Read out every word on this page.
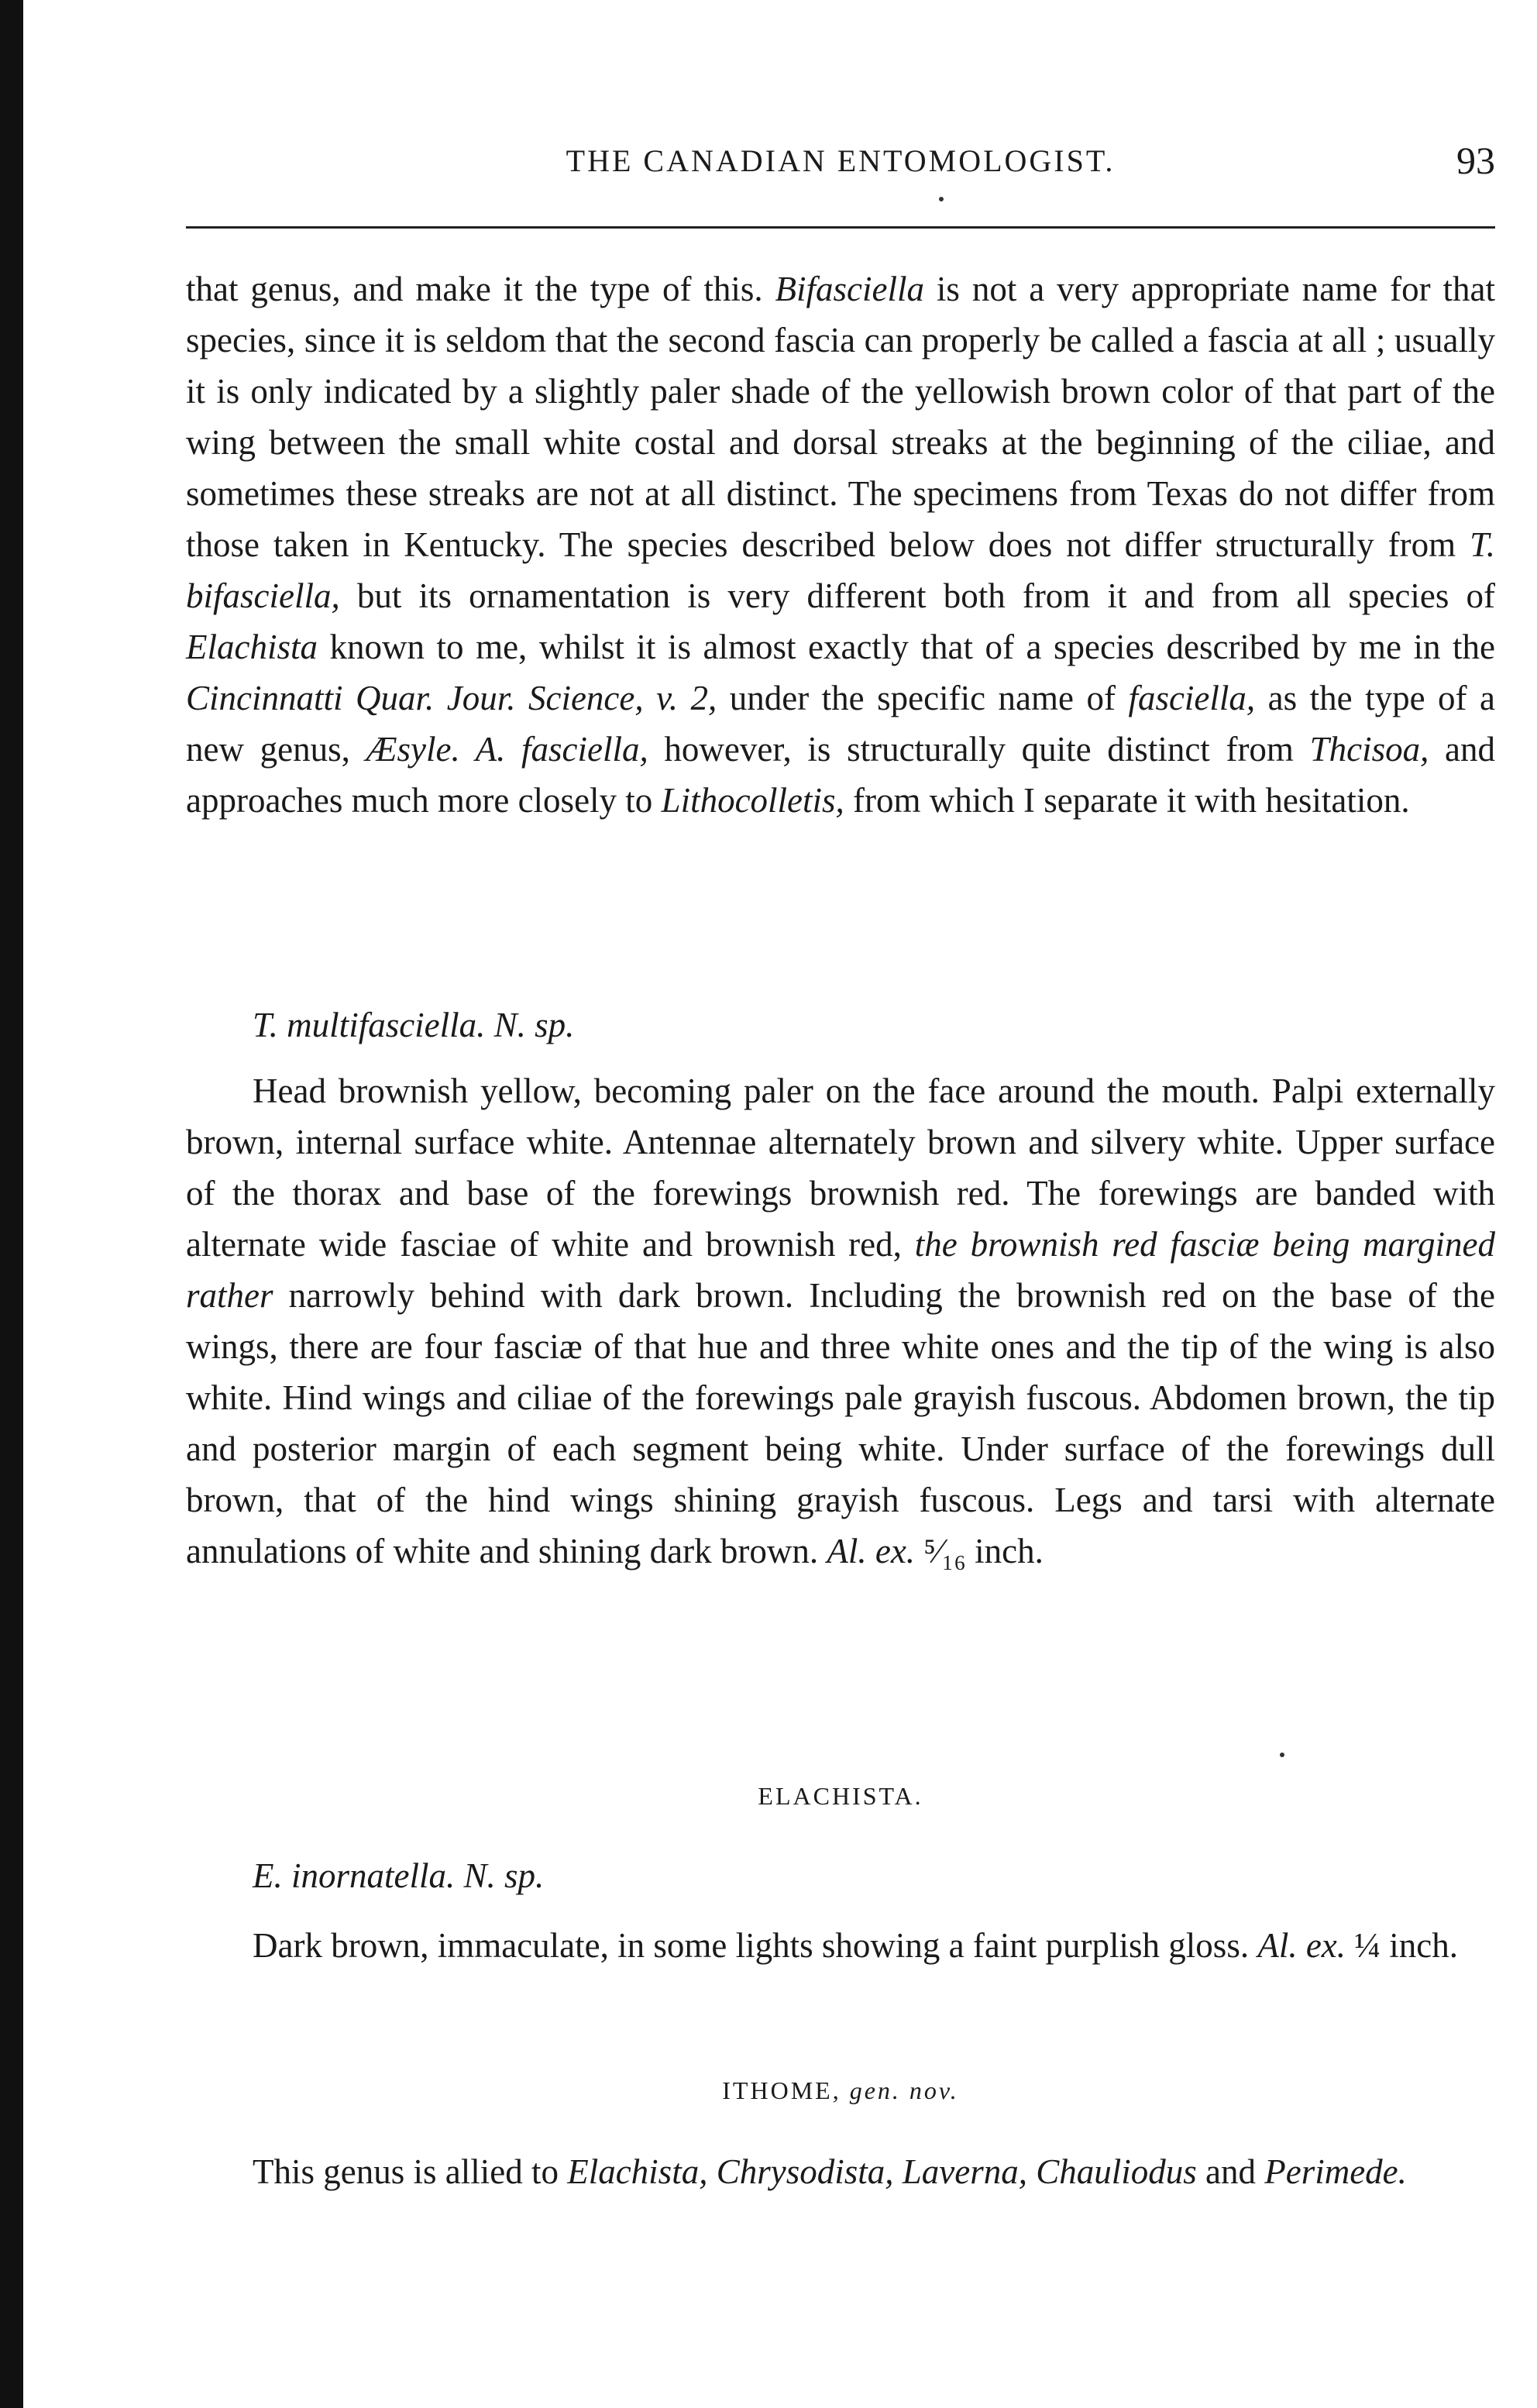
THE CANADIAN ENTOMOLOGIST.	93

that genus, and make it the type of this. Bifasciella is not a very appropriate name for that species, since it is seldom that the second fascia can properly be called a fascia at all ; usually it is only indicated by a slightly paler shade of the yellowish brown color of that part of the wing between the small white costal and dorsal streaks at the beginning of the ciliae, and sometimes these streaks are not at all distinct. The specimens from Texas do not differ from those taken in Kentucky. The species described below does not differ structurally from T. bifasciella, but its ornamentation is very different both from it and from all species of Elachista known to me, whilst it is almost exactly that of a species described by me in the Cincinnatti Quar. Jour. Science, v. 2, under the specific name of fasciella, as the type of a new genus, Æsyle. A. fasciella, however, is structurally quite distinct from Thcisoa, and approaches much more closely to Lithocolletis, from which I separate it with hesitation.

T. multifasciella. N. sp.

Head brownish yellow, becoming paler on the face around the mouth. Palpi externally brown, internal surface white. Antennae alternately brown and silvery white. Upper surface of the thorax and base of the forewings brownish red. The forewings are banded with alternate wide fasciae of white and brownish red, the brownish red fasciæ being margined rather narrowly behind with dark brown. Including the brownish red on the base of the wings, there are four fasciæ of that hue and three white ones and the tip of the wing is also white. Hind wings and ciliae of the forewings pale grayish fuscous. Abdomen brown, the tip and posterior margin of each segment being white. Under surface of the forewings dull brown, that of the hind wings shining grayish fuscous. Legs and tarsi with alternate annulations of white and shining dark brown. Al. ex. ⁵⁄₁₆ inch.

ELACHISTA.

E. inornatella. N. sp.

Dark brown, immaculate, in some lights showing a faint purplish gloss. Al. ex. ¼ inch.

ITHOME, gen. nov.

This genus is allied to Elachista, Chrysodista, Laverna, Chauliodus and Perimede.
